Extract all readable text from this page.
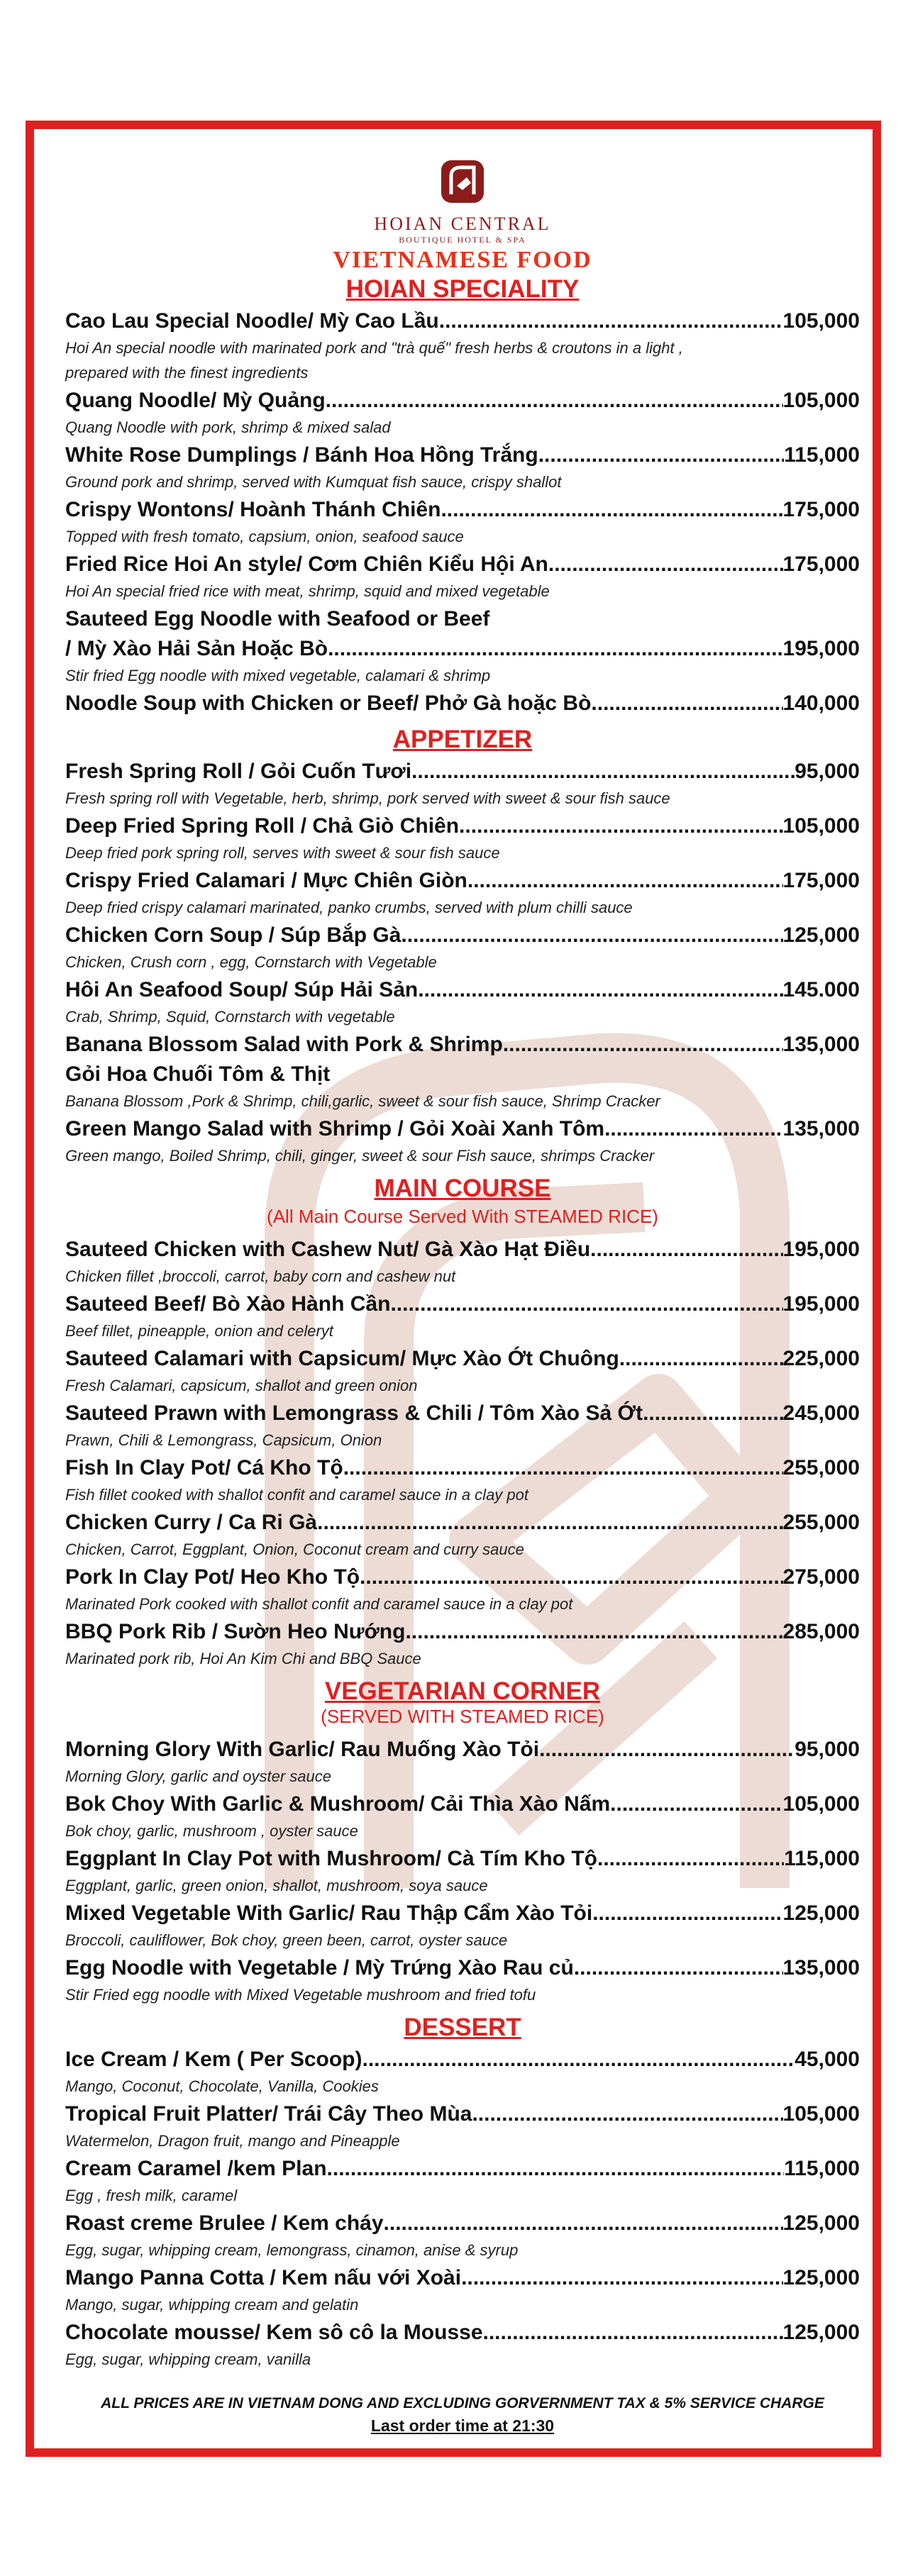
HOIAN CENTRAL
BOUTIQUE HOTEL & SPA
VIETNAMESE FOOD
HOIAN SPECIALITY
Cao Lau Special Noodle/ Mỳ Cao Lầu .....	105,000
Hoi An special noodle with marinated pork and "trà quế" fresh herbs & croutons in a light ,
prepared with the finest ingredients
Quang Noodle/ Mỳ Quảng .....	105,000
Quang Noodle with pork, shrimp & mixed salad
White Rose Dumplings / Bánh Hoa Hồng Trắng .....	115,000
Ground pork and shrimp, served with Kumquat fish sauce, crispy shallot
Crispy Wontons/ Hoành Thánh Chiên .....	175,000
Topped with fresh tomato, capsium, onion, seafood sauce
Fried Rice Hoi An style/ Cơm Chiên Kiểu Hội An .....	175,000
Hoi An special fried rice with meat, shrimp, squid and mixed vegetable
Sauteed Egg Noodle with Seafood or Beef
/ Mỳ Xào Hải Sản Hoặc Bò .....	195,000
Stir fried Egg noodle with mixed vegetable, calamari & shrimp
Noodle Soup with Chicken or Beef/ Phở Gà hoặc Bò .....	140,000
APPETIZER
Fresh Spring Roll / Gỏi Cuốn Tươi .....	95,000
Fresh spring roll with Vegetable, herb, shrimp, pork served with sweet & sour fish sauce
Deep Fried Spring Roll / Chả Giò Chiên .....	105,000
Deep fried pork spring roll, serves with sweet & sour fish sauce
Crispy Fried Calamari / Mực Chiên Giòn .....	175,000
Deep fried crispy calamari marinated, panko crumbs, served with plum chilli sauce
Chicken Corn Soup / Súp Bắp Gà .....	125,000
Chicken, Crush corn , egg, Cornstarch with Vegetable
Hôi An Seafood Soup/ Súp Hải Sản .....	145.000
Crab, Shrimp, Squid, Cornstarch with vegetable
Banana Blossom Salad with Pork & Shrimp .....	135,000
Gỏi Hoa Chuối Tôm & Thịt
Banana Blossom ,Pork & Shrimp, chili,garlic, sweet & sour fish sauce, Shrimp Cracker
Green Mango Salad with Shrimp / Gỏi Xoài Xanh Tôm .....	135,000
Green mango, Boiled Shrimp, chili, ginger, sweet & sour Fish sauce, shrimps Cracker
MAIN COURSE
(All Main Course Served With STEAMED RICE)
Sauteed Chicken with Cashew Nut/ Gà Xào Hạt Điều .....	195,000
Chicken fillet ,broccoli, carrot, baby corn and cashew nut
Sauteed Beef/ Bò Xào Hành Cần .....	195,000
Beef fillet, pineapple, onion and celeryt
Sauteed Calamari with Capsicum/ Mực Xào Ớt Chuông .....	225,000
Fresh Calamari, capsicum, shallot and green onion
Sauteed Prawn with Lemongrass & Chili / Tôm Xào Sả Ớt .....	245,000
Prawn, Chili & Lemongrass, Capsicum, Onion
Fish In Clay Pot/ Cá Kho Tộ .....	255,000
Fish fillet cooked with shallot confit and caramel sauce in a clay pot
Chicken Curry / Ca Ri Gà .....	255,000
Chicken, Carrot, Eggplant, Onion, Coconut cream and curry sauce
Pork In Clay Pot/ Heo Kho Tộ .....	275,000
Marinated Pork cooked with shallot confit and caramel sauce in a clay pot
BBQ Pork Rib / Sườn Heo Nướng .....	285,000
Marinated pork rib, Hoi An Kim Chi and BBQ Sauce
VEGETARIAN CORNER
(SERVED WITH STEAMED RICE)
Morning Glory With Garlic/ Rau Muống Xào Tỏi .....	95,000
Morning Glory, garlic and oyster sauce
Bok Choy With Garlic & Mushroom/ Cải Thìa Xào Nấm .....	105,000
Bok choy, garlic, mushroom , oyster sauce
Eggplant In Clay Pot with Mushroom/ Cà Tím Kho Tộ .....	115,000
Eggplant, garlic, green onion, shallot, mushroom, soya sauce
Mixed Vegetable With Garlic/ Rau Thập Cẩm Xào Tỏi .....	125,000
Broccoli, cauliflower, Bok choy, green been, carrot, oyster sauce
Egg Noodle with Vegetable / Mỳ Trứng Xào Rau củ .....	135,000
Stir Fried egg noodle with Mixed Vegetable mushroom and fried tofu
DESSERT
Ice Cream / Kem ( Per Scoop) .....	45,000
Mango, Coconut, Chocolate, Vanilla, Cookies
Tropical Fruit Platter/ Trái Cây Theo Mùa .....	105,000
Watermelon, Dragon fruit, mango and Pineapple
Cream Caramel /kem Plan .....	115,000
Egg , fresh milk, caramel
Roast creme Brulee / Kem cháy .....	125,000
Egg, sugar, whipping cream, lemongrass, cinamon, anise & syrup
Mango Panna Cotta / Kem nấu với Xoài .....	125,000
Mango, sugar, whipping cream and gelatin
Chocolate mousse/ Kem sô cô la Mousse .....	125,000
Egg, sugar, whipping cream, vanilla
ALL PRICES ARE IN VIETNAM DONG AND EXCLUDING GORVERNMENT TAX & 5% SERVICE CHARGE
Last order time at 21:30
